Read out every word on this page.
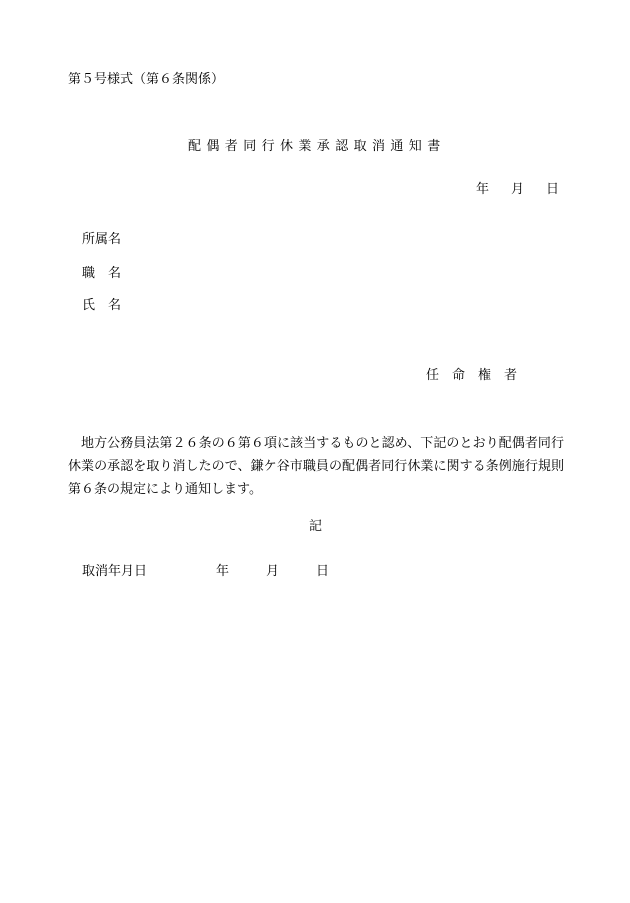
第５号様式（第６条関係）
配偶者同行休業承認取消通知書
年 月 日
所属名
職名
氏名
任命権者
地方公務員法第２６条の６第６項に該当するものと認め、下記のとおり配偶者同行休業の承認を取り消したので、鎌ケ谷市職員の配偶者同行休業に関する条例施行規則第６条の規定により通知します。
記
取消年月日	年	月	日
